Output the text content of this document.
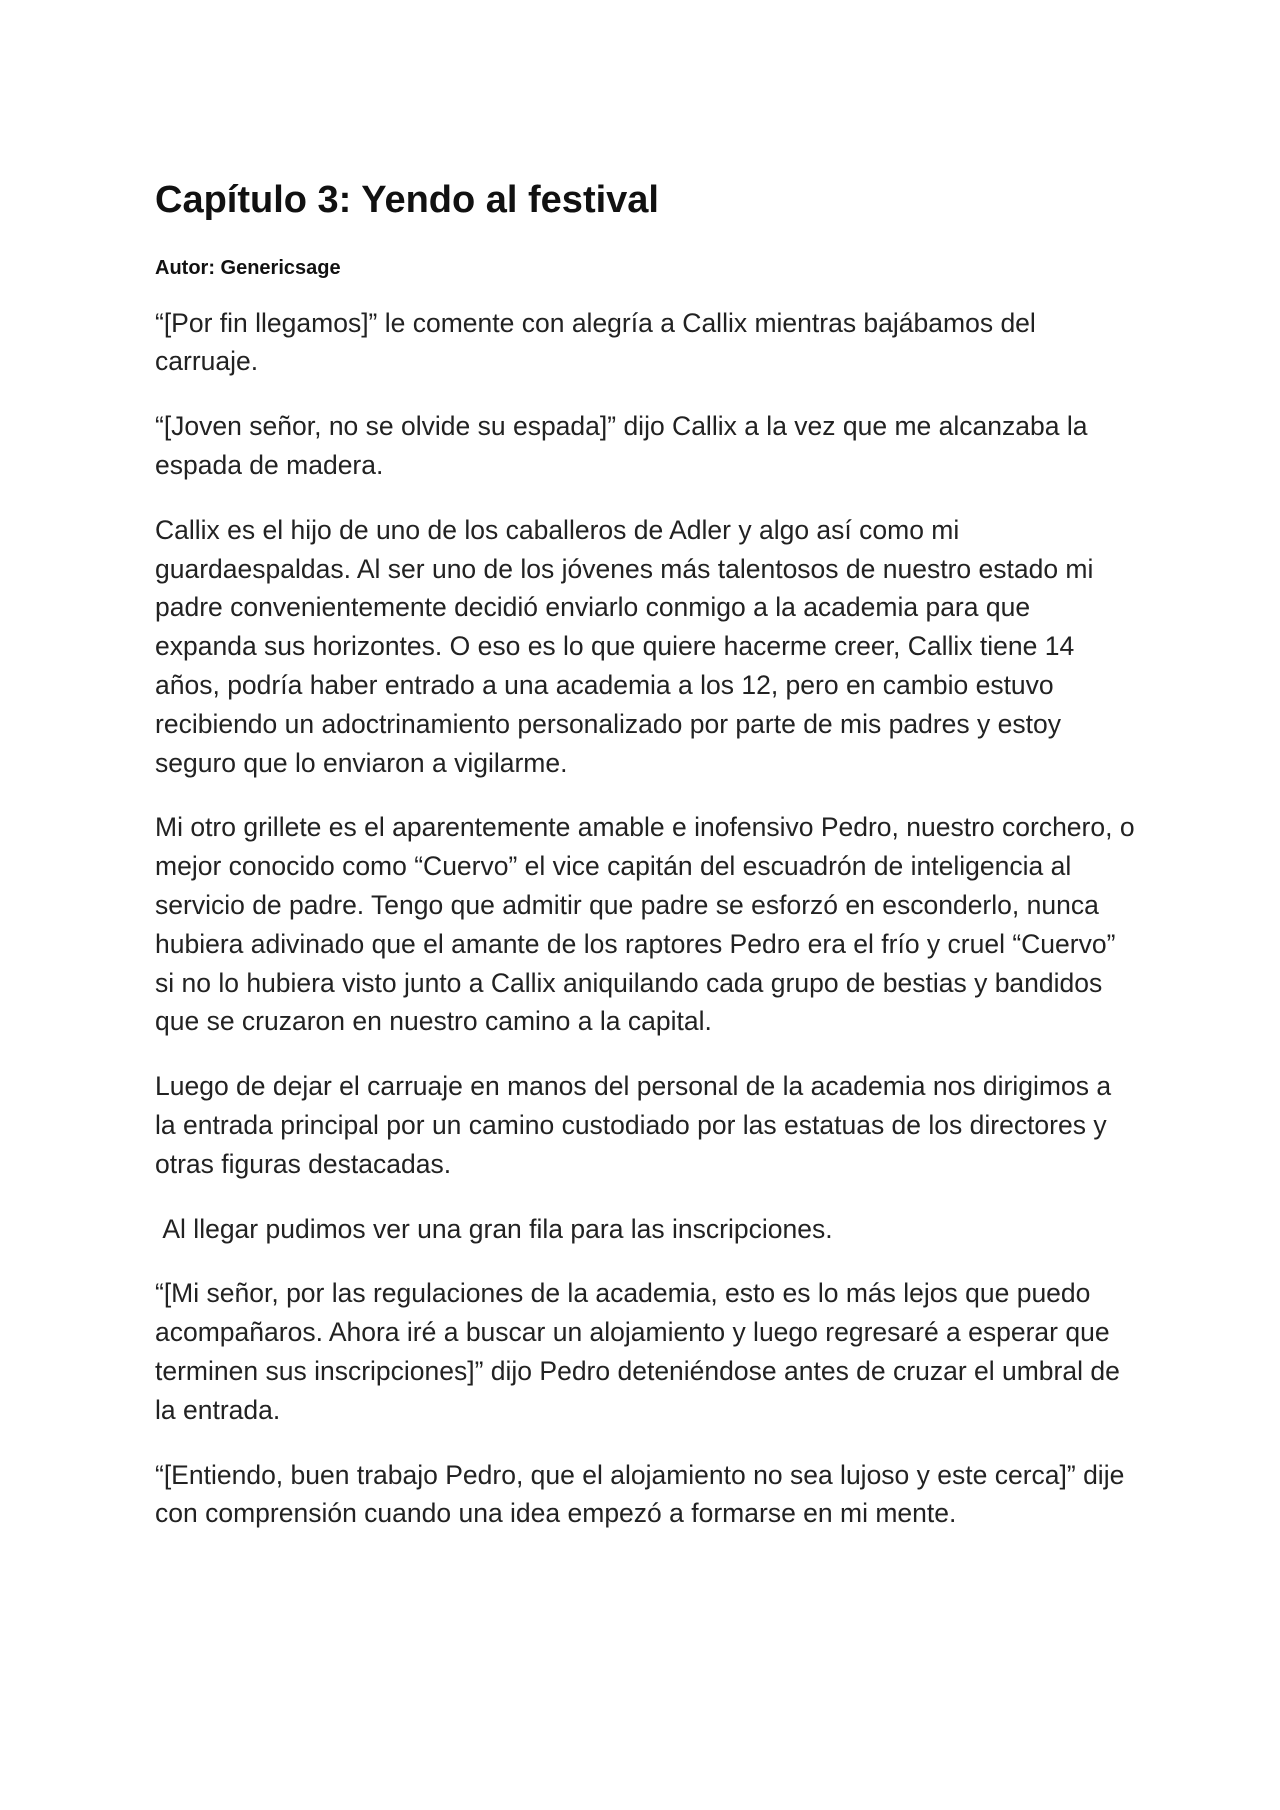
Capítulo 3: Yendo al festival
Autor: Genericsage

“[Por fin llegamos]” le comente con alegría a Callix mientras bajábamos del carruaje.

“[Joven señor, no se olvide su espada]” dijo Callix a la vez que me alcanzaba la espada de madera.

Callix es el hijo de uno de los caballeros de Adler y algo así como mi guardaespaldas. Al ser uno de los jóvenes más talentosos de nuestro estado mi padre convenientemente decidió enviarlo conmigo a la academia para que expanda sus horizontes. O eso es lo que quiere hacerme creer, Callix tiene 14 años, podría haber entrado a una academia a los 12, pero en cambio estuvo recibiendo un adoctrinamiento personalizado por parte de mis padres y estoy seguro que lo enviaron a vigilarme.

Mi otro grillete es el aparentemente amable e inofensivo Pedro, nuestro corchero, o mejor conocido como “Cuervo” el vice capitán del escuadrón de inteligencia al servicio de padre. Tengo que admitir que padre se esforzó en esconderlo, nunca hubiera adivinado que el amante de los raptores Pedro era el frío y cruel “Cuervo” si no lo hubiera visto junto a Callix aniquilando cada grupo de bestias y bandidos que se cruzaron en nuestro camino a la capital.

Luego de dejar el carruaje en manos del personal de la academia nos dirigimos a la entrada principal por un camino custodiado por las estatuas de los directores y otras figuras destacadas.

Al llegar pudimos ver una gran fila para las inscripciones.

“[Mi señor, por las regulaciones de la academia, esto es lo más lejos que puedo acompañaros. Ahora iré a buscar un alojamiento y luego regresaré a esperar que terminen sus inscripciones]” dijo Pedro deteniéndose antes de cruzar el umbral de la entrada.

“[Entiendo, buen trabajo Pedro, que el alojamiento no sea lujoso y este cerca]” dije con comprensión cuando una idea empezó a formarse en mi mente.
